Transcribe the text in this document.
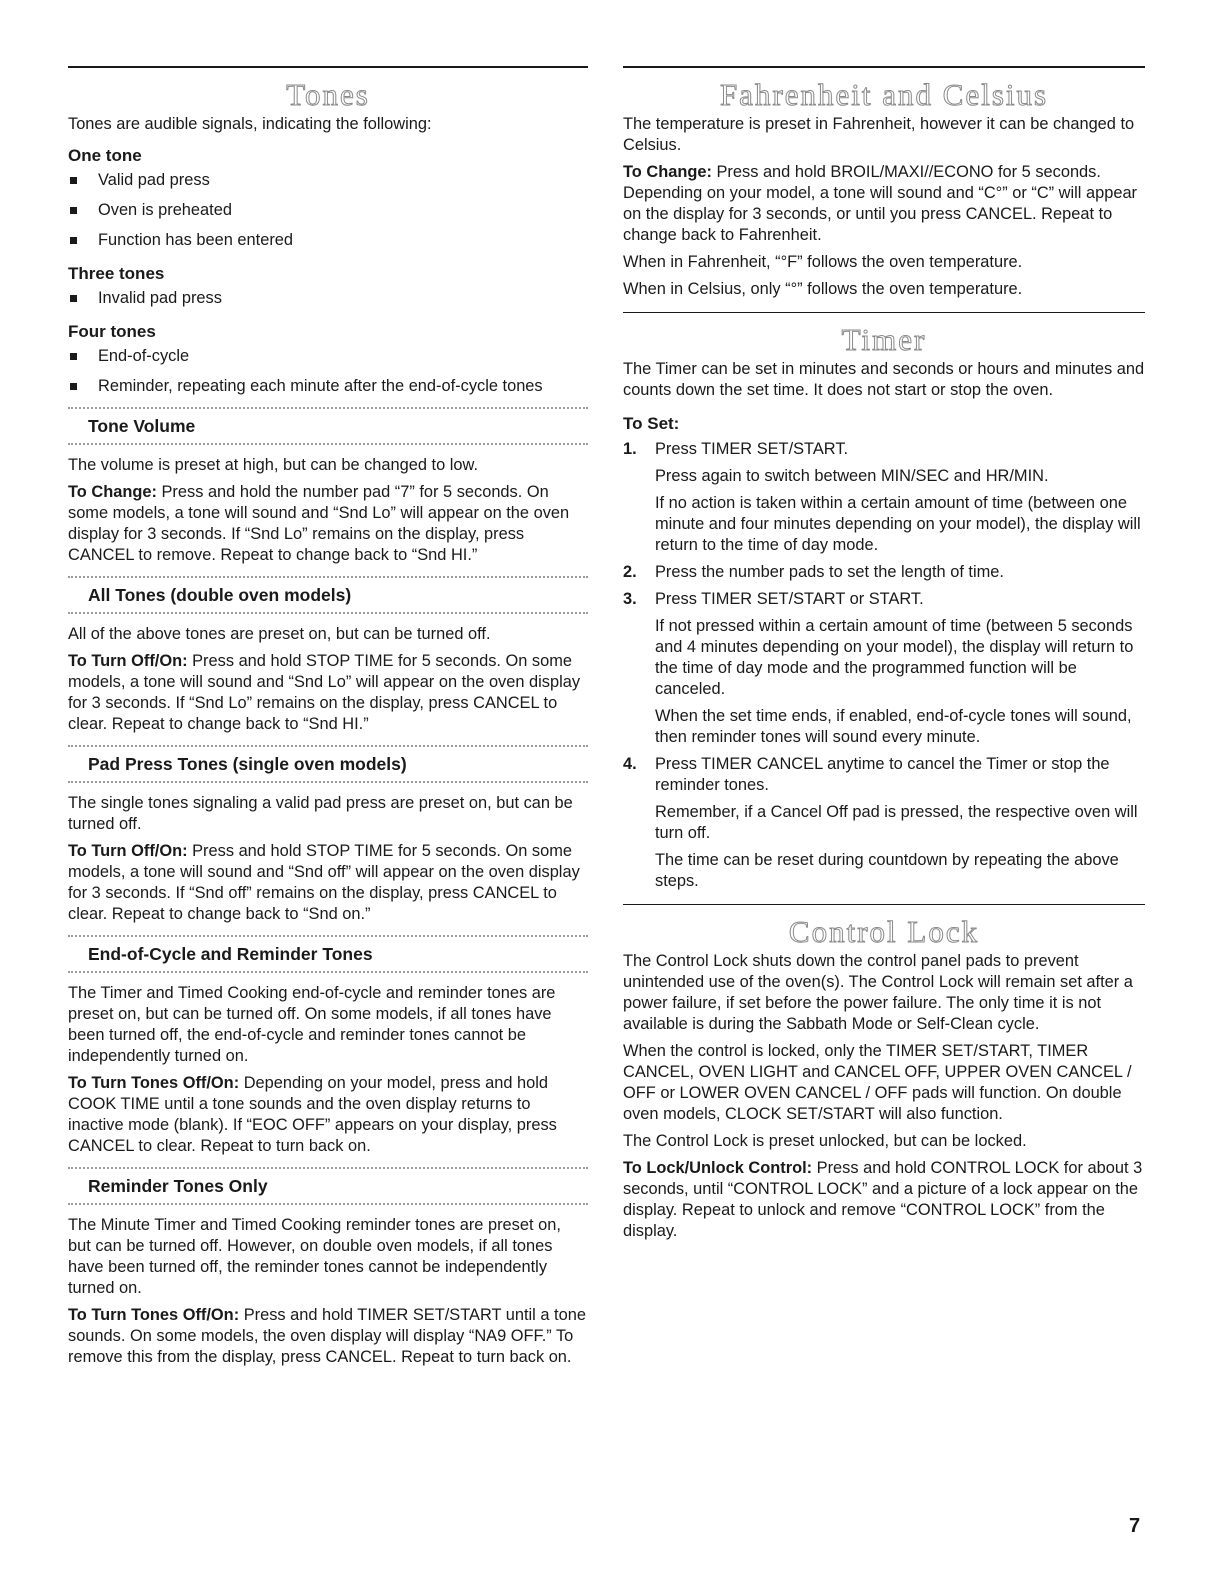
Tones

Tones are audible signals, indicating the following:

One tone
Valid pad press
Oven is preheated
Function has been entered
Three tones
Invalid pad press
Four tones
End-of-cycle
Reminder, repeating each minute after the end-of-cycle tones
Tone Volume

The volume is preset at high, but can be changed to low.

To Change: Press and hold the number pad “7” for 5 seconds. On some models, a tone will sound and “Snd Lo” will appear on the oven display for 3 seconds. If “Snd Lo” remains on the display, press CANCEL to remove. Repeat to change back to “Snd HI.”

All Tones (double oven models)

All of the above tones are preset on, but can be turned off.

To Turn Off/On: Press and hold STOP TIME for 5 seconds. On some models, a tone will sound and “Snd Lo” will appear on the oven display for 3 seconds. If “Snd Lo” remains on the display, press CANCEL to clear. Repeat to change back to “Snd HI.”

Pad Press Tones (single oven models)

The single tones signaling a valid pad press are preset on, but can be turned off.

To Turn Off/On: Press and hold STOP TIME for 5 seconds. On some models, a tone will sound and “Snd off” will appear on the oven display for 3 seconds. If “Snd off” remains on the display, press CANCEL to clear. Repeat to change back to “Snd on.”

End-of-Cycle and Reminder Tones

The Timer and Timed Cooking end-of-cycle and reminder tones are preset on, but can be turned off. On some models, if all tones have been turned off, the end-of-cycle and reminder tones cannot be independently turned on.

To Turn Tones Off/On: Depending on your model, press and hold COOK TIME until a tone sounds and the oven display returns to inactive mode (blank). If “EOC OFF” appears on your display, press CANCEL to clear. Repeat to turn back on.

Reminder Tones Only

The Minute Timer and Timed Cooking reminder tones are preset on, but can be turned off. However, on double oven models, if all tones have been turned off, the reminder tones cannot be independently turned on.

To Turn Tones Off/On: Press and hold TIMER SET/START until a tone sounds. On some models, the oven display will display “NA9 OFF.” To remove this from the display, press CANCEL. Repeat to turn back on.

Fahrenheit and Celsius

The temperature is preset in Fahrenheit, however it can be changed to Celsius.

To Change: Press and hold BROIL/MAXI//ECONO for 5 seconds. Depending on your model, a tone will sound and “C°” or “C” will appear on the display for 3 seconds, or until you press CANCEL. Repeat to change back to Fahrenheit.

When in Fahrenheit, “°F” follows the oven temperature.

When in Celsius, only “°” follows the oven temperature.

Timer

The Timer can be set in minutes and seconds or hours and minutes and counts down the set time. It does not start or stop the oven.

To Set:
1. Press TIMER SET/START.

Press again to switch between MIN/SEC and HR/MIN.

If no action is taken within a certain amount of time (between one minute and four minutes depending on your model), the display will return to the time of day mode.

2. Press the number pads to set the length of time.

3. Press TIMER SET/START or START.

If not pressed within a certain amount of time (between 5 seconds and 4 minutes depending on your model), the display will return to the time of day mode and the programmed function will be canceled.

When the set time ends, if enabled, end-of-cycle tones will sound, then reminder tones will sound every minute.

4. Press TIMER CANCEL anytime to cancel the Timer or stop the reminder tones.

Remember, if a Cancel Off pad is pressed, the respective oven will turn off.

The time can be reset during countdown by repeating the above steps.

Control Lock

The Control Lock shuts down the control panel pads to prevent unintended use of the oven(s). The Control Lock will remain set after a power failure, if set before the power failure. The only time it is not available is during the Sabbath Mode or Self-Clean cycle.

When the control is locked, only the TIMER SET/START, TIMER CANCEL, OVEN LIGHT and CANCEL OFF, UPPER OVEN CANCEL / OFF or LOWER OVEN CANCEL / OFF pads will function. On double oven models, CLOCK SET/START will also function.

The Control Lock is preset unlocked, but can be locked.

To Lock/Unlock Control: Press and hold CONTROL LOCK for about 3 seconds, until “CONTROL LOCK” and a picture of a lock appear on the display. Repeat to unlock and remove “CONTROL LOCK” from the display.

7
